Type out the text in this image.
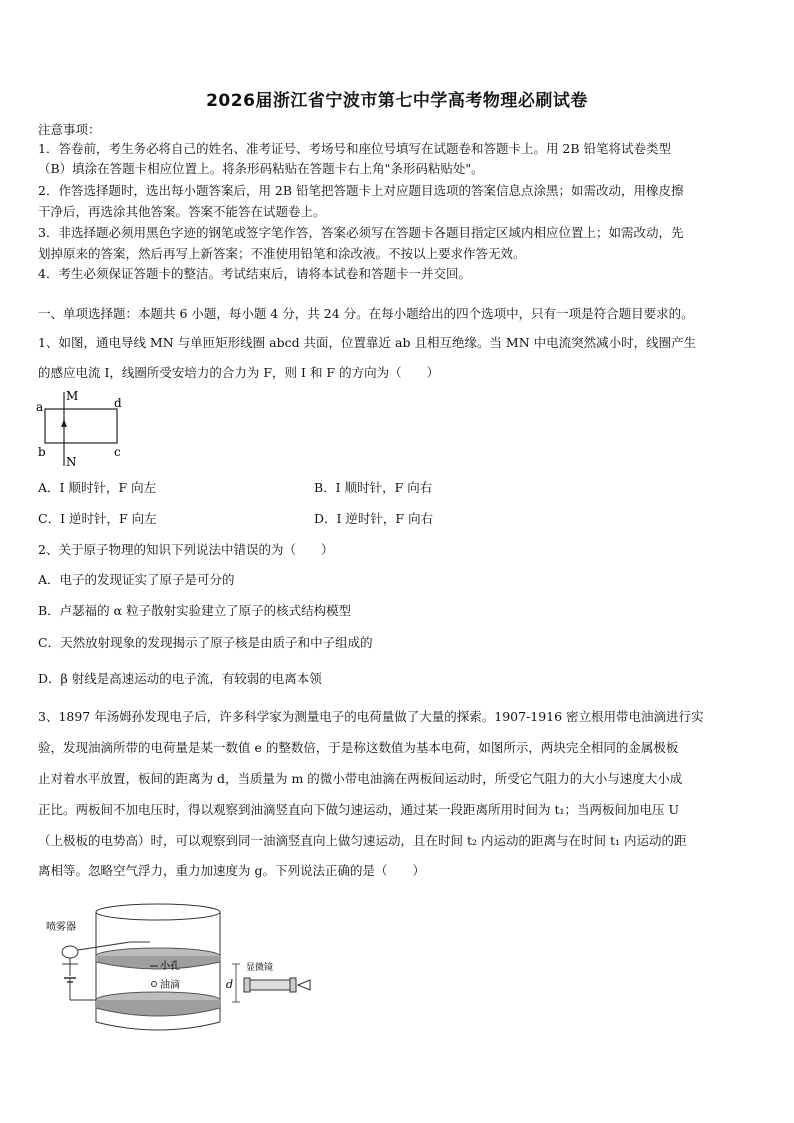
2026届浙江省宁波市第七中学高考物理必刷试卷
注意事项：
1．答卷前，考生务必将自己的姓名、准考证号、考场号和座位号填写在试题卷和答题卡上。用 2B 铅笔将试卷类型
（B）填涂在答题卡相应位置上。将条形码粘贴在答题卡右上角"条形码粘贴处"。
2．作答选择题时，选出每小题答案后，用 2B 铅笔把答题卡上对应题目选项的答案信息点涂黑；如需改动，用橡皮擦
干净后，再选涂其他答案。答案不能答在试题卷上。
3．非选择题必须用黑色字迹的钢笔或签字笔作答，答案必须写在答题卡各题目指定区域内相应位置上；如需改动，先
划掉原来的答案，然后再写上新答案；不准使用铅笔和涂改液。不按以上要求作答无效。
4．考生必须保证答题卡的整洁。考试结束后，请将本试卷和答题卡一并交回。
一、单项选择题：本题共 6 小题，每小题 4 分，共 24 分。在每小题给出的四个选项中，只有一项是符合题目要求的。
1、如图，通电导线 MN 与单匝矩形线圈 abcd 共面，位置靠近 ab 且相互绝缘。当 MN 中电流突然减小时，线圈产生
的感应电流 I，线圈所受安培力的合力为 F，则 I 和 F 的方向为（　　）
M
N
a
b	c
d
A．I 顺时针，F 向左	B．I 顺时针，F 向右
C．I 逆时针，F 向左	D．I 逆时针，F 向右
2、关于原子物理的知识下列说法中错误的为（　　）
A．电子的发现证实了原子是可分的
B．卢瑟福的 α 粒子散射实验建立了原子的核式结构模型
C．天然放射现象的发现揭示了原子核是由质子和中子组成的
D．β 射线是高速运动的电子流，有较弱的电离本领
3、1897 年汤姆孙发现电子后，许多科学家为测量电子的电荷量做了大量的探索。1907-1916 密立根用带电油滴进行实
验，发现油滴所带的电荷量是某一数值 e 的整数倍，于是称这数值为基本电荷，如图所示，两块完全相同的金属极板
止对着水平放置，板间的距离为 d，当质量为 m 的微小带电油滴在两板间运动时，所受它气阻力的大小与速度大小成
正比。两板间不加电压时，得以观察到油滴竖直向下做匀速运动，通过某一段距离所用时间为 t₁；当两板间加电压 U
（上极板的电势高）时，可以观察到同一油滴竖直向上做匀速运动，且在时间 t₂ 内运动的距离与在时间 t₁ 内运动的距
离相等。忽略空气浮力，重力加速度为 g。下列说法正确的是（　　）
喷雾器
小孔
油滴	d
显微镜
